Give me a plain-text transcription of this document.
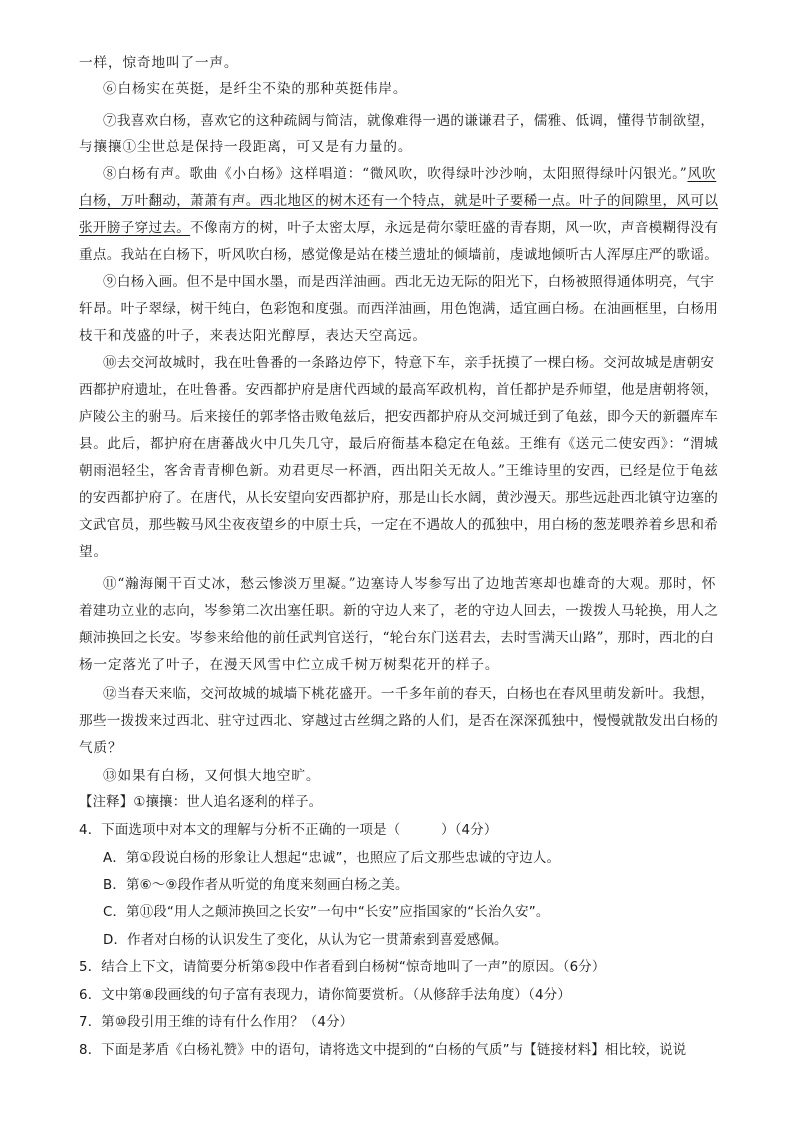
一样，惊奇地叫了一声。
⑥白杨实在英挺，是纤尘不染的那种英挺伟岸。
⑦我喜欢白杨，喜欢它的这种疏阔与简洁，就像难得一遇的谦谦君子，儒雅、低调，懂得节制欲望，
与攘攘①尘世总是保持一段距离，可又是有力量的。
⑧白杨有声。歌曲《小白杨》这样唱道：“微风吹，吹得绿叶沙沙响，太阳照得绿叶闪银光。”风吹
白杨，万叶翻动，萧萧有声。西北地区的树木还有一个特点，就是叶子要稀一点。叶子的间隙里，风可以
张开膀子穿过去。不像南方的树，叶子太密太厚，永远是荷尔蒙旺盛的青春期，风一吹，声音模糊得没有
重点。我站在白杨下，听风吹白杨，感觉像是站在楼兰遗址的倾墙前，虔诚地倾听古人浑厚庄严的歌谣。
⑨白杨入画。但不是中国水墨，而是西洋油画。西北无边无际的阳光下，白杨被照得通体明亮，气宇
轩昂。叶子翠绿，树干纯白，色彩饱和度强。而西洋油画，用色饱满，适宜画白杨。在油画框里，白杨用
枝干和茂盛的叶子，来表达阳光醇厚，表达天空高远。
⑩去交河故城时，我在吐鲁番的一条路边停下，特意下车，亲手抚摸了一棵白杨。交河故城是唐朝安
西都护府遗址，在吐鲁番。安西都护府是唐代西域的最高军政机构，首任都护是乔师望，他是唐朝将领，
庐陵公主的驸马。后来接任的郭孝恪击败龟兹后，把安西都护府从交河城迁到了龟兹，即今天的新疆库车
县。此后，都护府在唐蕃战火中几失几守，最后府衙基本稳定在龟兹。王维有《送元二使安西》：“渭城
朝雨浥轻尘，客舍青青柳色新。劝君更尽一杯酒，西出阳关无故人。”王维诗里的安西，已经是位于龟兹
的安西都护府了。在唐代，从长安望向安西都护府，那是山长水阔，黄沙漫天。那些远赴西北镇守边塞的
文武官员，那些鞍马风尘夜夜望乡的中原士兵，一定在不遇故人的孤独中，用白杨的葱茏喂养着乡思和希
望。
⑪“瀚海阑干百丈冰，愁云惨淡万里凝。”边塞诗人岑参写出了边地苦寒却也雄奇的大观。那时，怀
着建功立业的志向，岑参第二次出塞任职。新的守边人来了，老的守边人回去，一拨拨人马轮换，用人之
颠沛换回之长安。岑参来给他的前任武判官送行，“轮台东门送君去，去时雪满天山路”，那时，西北的白
杨一定落光了叶子，在漫天风雪中伫立成千树万树梨花开的样子。
⑫当春天来临，交河故城的城墙下桃花盛开。一千多年前的春天，白杨也在春风里萌发新叶。我想，
那些一拨拨来过西北、驻守过西北、穿越过古丝绸之路的人们，是否在深深孤独中，慢慢就散发出白杨的
气质？
⑬如果有白杨，又何惧大地空旷。
【注释】①攘攘：世人追名逐利的样子。
4．下面选项中对本文的理解与分析不正确的一项是（　　　）（4分）
A．第①段说白杨的形象让人想起“忠诚”，也照应了后文那些忠诚的守边人。
B．第⑥～⑨段作者从听觉的角度来刻画白杨之美。
C．第⑪段“用人之颠沛换回之长安”一句中“长安”应指国家的“长治久安”。
D．作者对白杨的认识发生了变化，从认为它一贯萧索到喜爱感佩。
5．结合上下文，请简要分析第⑤段中作者看到白杨树“惊奇地叫了一声”的原因。（6分）
6．文中第⑧段画线的句子富有表现力，请你简要赏析。（从修辞手法角度）（4分）
7．第⑩段引用王维的诗有什么作用？（4分）
8．下面是茅盾《白杨礼赞》中的语句，请将选文中提到的“白杨的气质”与【链接材料】相比较，说说
